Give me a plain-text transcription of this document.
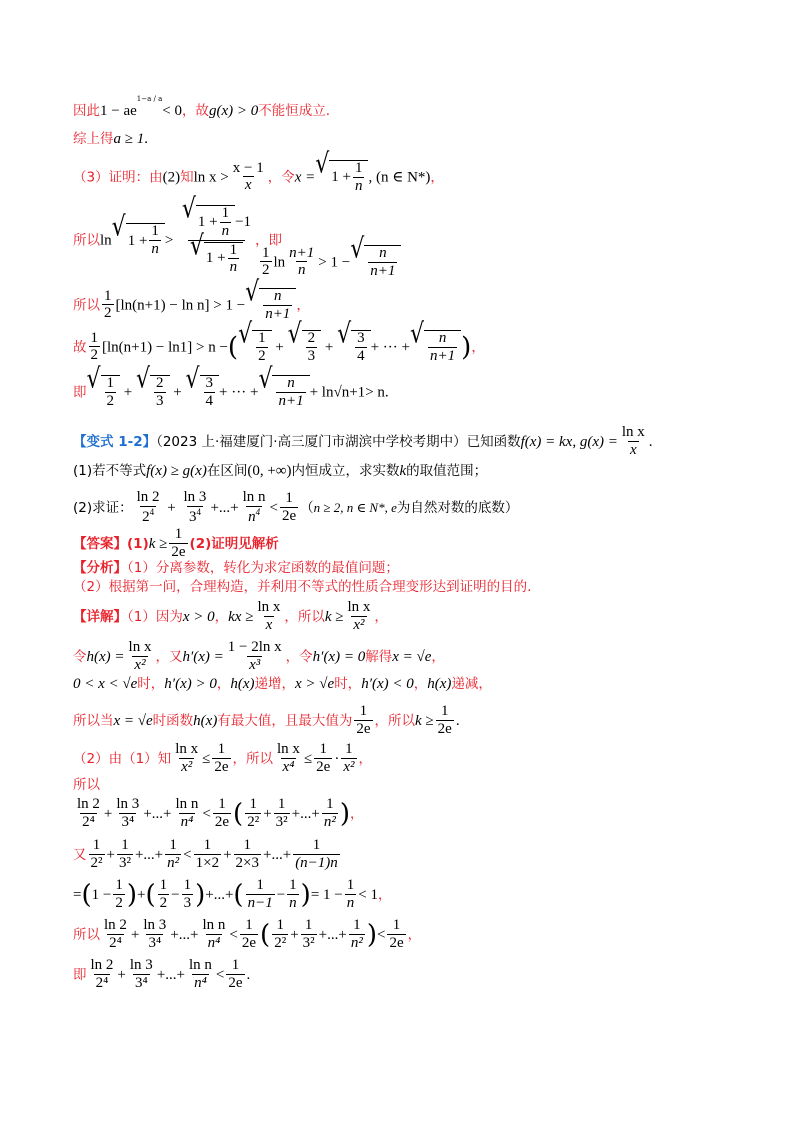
因此$1 - ae^{1-a / a}< 0$，故g(x) > 0不能恒成立.
综上得a ≥ 1.
（3）证明：由(2)知$\ln x > \frac{x - 1}{x}$ ，令x = √ $1 + \frac{1}{n}$ , (n ∈ N*)，
所以ln √ $1 + \frac{1}{n} > \frac{√ 1 + \frac{1}{n} -1}{√ 1 + \frac{1}{n}}$ ，即
$\frac{1}{2}$ $\ln \frac{n+1}{n} > 1$ − √ n
n+1
所以 $\frac{1}{2} [\ln(n+1) - \ln n] > 1$ − √ n
n+1
，
故 $\frac{1}{2} [\ln(n+1) - \ln 1] > n$ −( √ 1
2
+ √ 2
3
+ √ 3
4
+ ··· + √ n
n+1 )，
即 √ 1
2
+ √ 2
3
+ √ 3
4
+ ··· + √ n
n+1
+ ln√n+1> n.
【变式 1-2】（2023 上·福建厦门·高三厦门市湖滨中学校考期中）已知函数f(x) = kx, $g(x) = \frac{\text{ln x}}{x}$ .
(1)若不等式f(x) ≥ g(x)在区间(0, +∞)内恒成立，求实数k的取值范围；
(2)求证： $\frac{\ln 2}{2^4} + \frac{\ln 3}{3^4}$ +...+ $\frac{\text{ln n}}{n^4} < \frac{1}{2e} (n \ge 2$, n ∈ N*, e为自然对数的底数）
【答案】$(1)k \ge \frac{1}{2e} (2)$证明见解析
【分析】（1）分离参数，转化为求定函数的最值问题；
（2）根据第一问，合理构造，并利用不等式的性质合理变形达到证明的目的.
【详解】（1）因为x > 0，kx ≥ $\frac{\text{ln x}}{x}$ ，所以$k \ge \frac{\text{ln x}}{\text{x²}}$ ，
令$h(x) = \frac{\text{ln x}}{\text{x²}}$ ，又$h'(x) = \frac{\text{1 − 2ln x}}{\text{x³}}$ ，令h′(x) = 0解得x = √e，
0 < x < √e时，h′(x) > 0，h(x)递增，x > √e时，h′(x) < 0，h(x)递减，
所以当x = √e时函数h(x)有最大值，且最大值为 $\frac{1}{2e}$ ，所以$k \ge \frac{1}{2e}$ .
（2）由（1）知 $\frac{\text{ln x}}{\text{x²}} \le \frac{1}{2e}$ ，所以 $\frac{\text{ln x}}{\text{x⁴}} \le \frac{1}{2e} \cdot \frac{1}{\text{x²}}$ ，
所以
$\frac{\ln 2}{\text{2⁴}} + \frac{\ln 3}{\text{3⁴}}$ +...+ $\frac{\text{ln n}}{\text{n⁴}} < \frac{1}{2e}$ ( $\frac{1}{\text{2²}} + \frac{1}{\text{3²}}$ +...+ $\frac{1}{\text{n²}}$ )，
又 $\frac{1}{\text{2²}} + \frac{1}{\text{3²}}$ +...+ $\frac{1}{\text{n²}} < \frac{1}{1\times 2} + \frac{1}{2\times 3}$ +...+ $\frac{1}{(n-1)n}$
$=(1 - \frac{1}{2}$ )+( $\frac{1}{2} - \frac{1}{3}$ )+...+( $\frac{1}{n-1} - \frac{1}{n}$ )= $1 - \frac{1}{n} < 1$，
所以 $\frac{\ln 2}{\text{2⁴}} + \frac{\ln 3}{\text{3⁴}}$ +...+ $\frac{\text{ln n}}{\text{n⁴}} < \frac{1}{2e}$ ( $\frac{1}{\text{2²}} + \frac{1}{\text{3²}}$ +...+ $\frac{1}{\text{n²}}$ )< $\frac{1}{2e}$ ，
即 $\frac{\ln 2}{\text{2⁴}} + \frac{\ln 3}{\text{3⁴}}$ +...+ $\frac{\text{ln n}}{\text{n⁴}} < \frac{1}{2e}$ .
